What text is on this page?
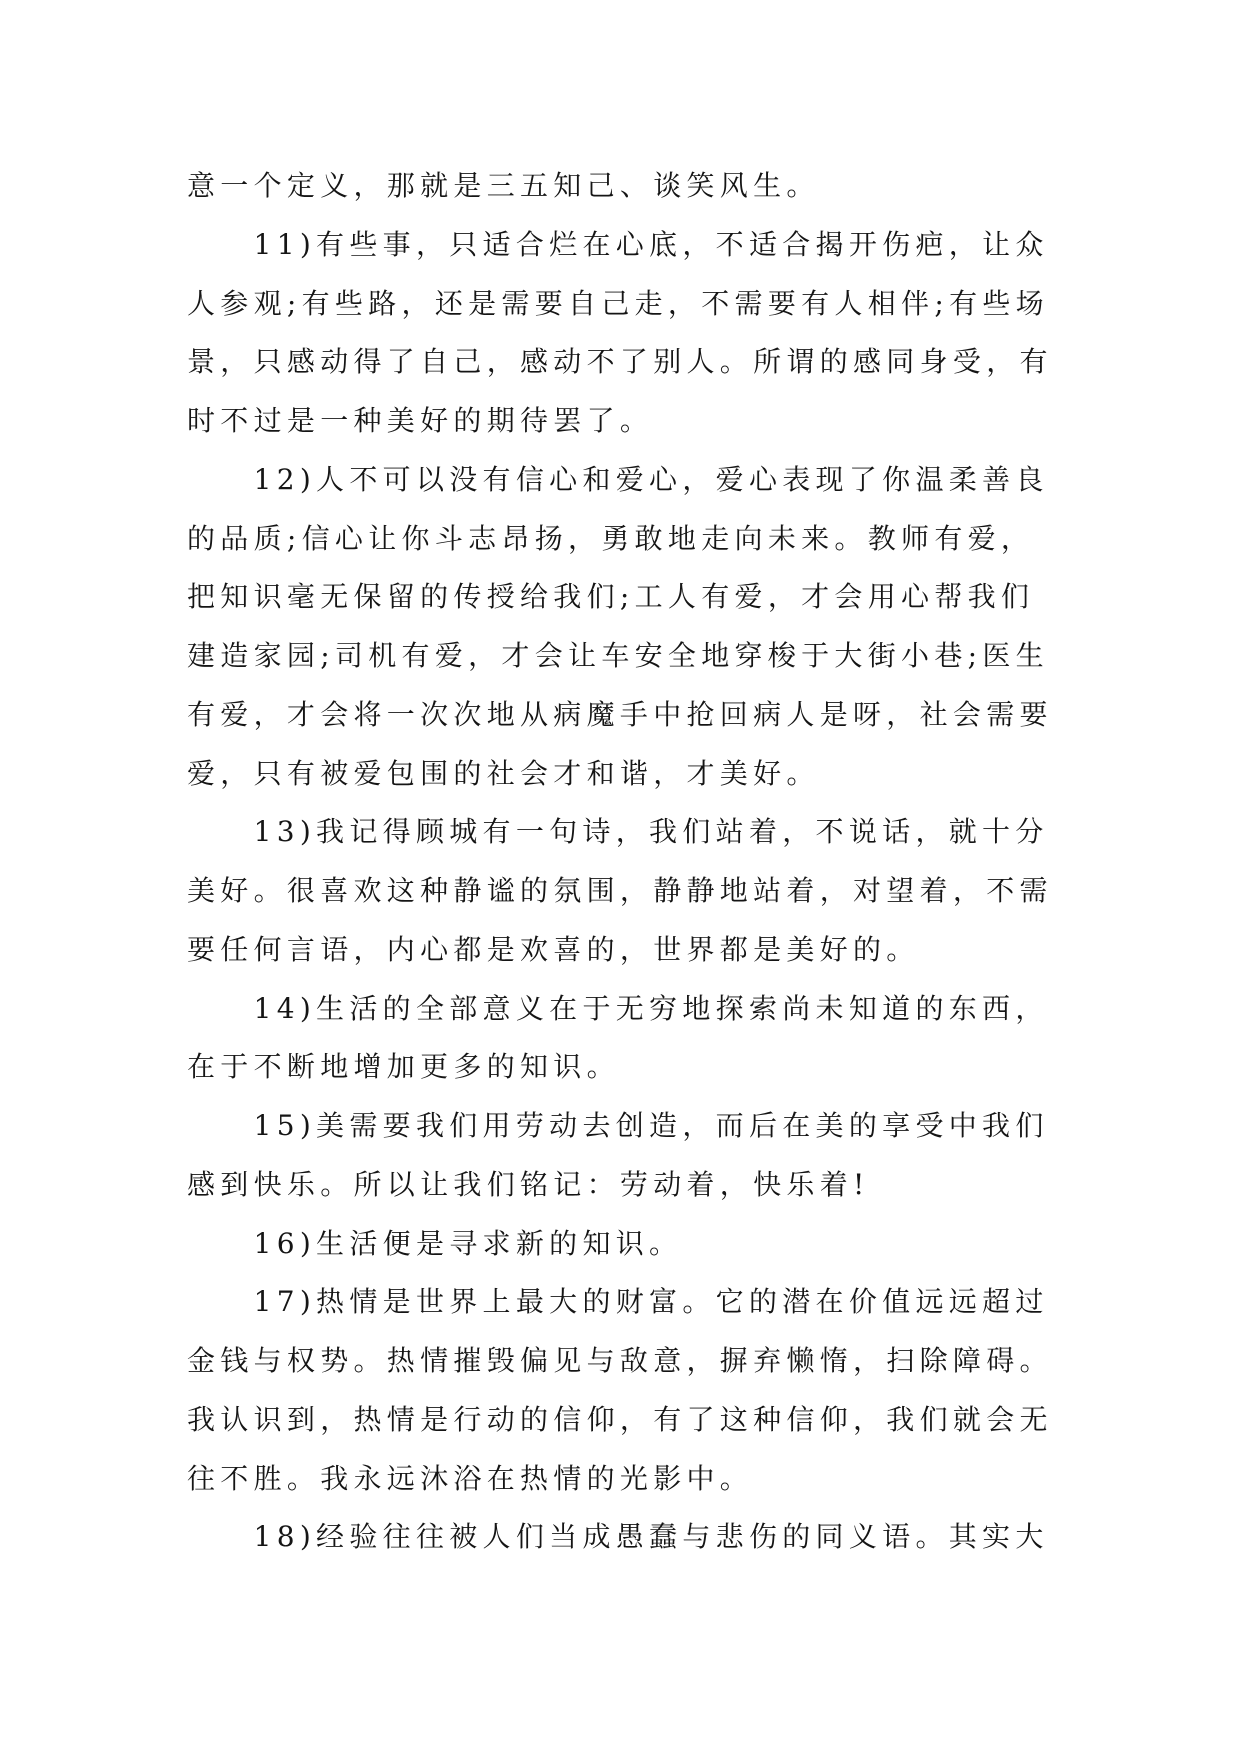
意一个定义，那就是三五知己、谈笑风生。
11)有些事，只适合烂在心底，不适合揭开伤疤，让众
人参观;有些路，还是需要自己走，不需要有人相伴;有些场
景，只感动得了自己，感动不了别人。所谓的感同身受，有
时不过是一种美好的期待罢了。
12)人不可以没有信心和爱心，爱心表现了你温柔善良
的品质;信心让你斗志昂扬，勇敢地走向未来。教师有爱，
把知识毫无保留的传授给我们;工人有爱，才会用心帮我们
建造家园;司机有爱，才会让车安全地穿梭于大街小巷;医生
有爱，才会将一次次地从病魔手中抢回病人是呀，社会需要
爱，只有被爱包围的社会才和谐，才美好。
13)我记得顾城有一句诗，我们站着，不说话，就十分
美好。很喜欢这种静谧的氛围，静静地站着，对望着，不需
要任何言语，内心都是欢喜的，世界都是美好的。
14)生活的全部意义在于无穷地探索尚未知道的东西，
在于不断地增加更多的知识。
15)美需要我们用劳动去创造，而后在美的享受中我们
感到快乐。所以让我们铭记：劳动着，快乐着!
16)生活便是寻求新的知识。
17)热情是世界上最大的财富。它的潜在价值远远超过
金钱与权势。热情摧毁偏见与敌意，摒弃懒惰，扫除障碍。
我认识到，热情是行动的信仰，有了这种信仰，我们就会无
往不胜。我永远沐浴在热情的光影中。
18)经验往往被人们当成愚蠢与悲伤的同义语。其实大
